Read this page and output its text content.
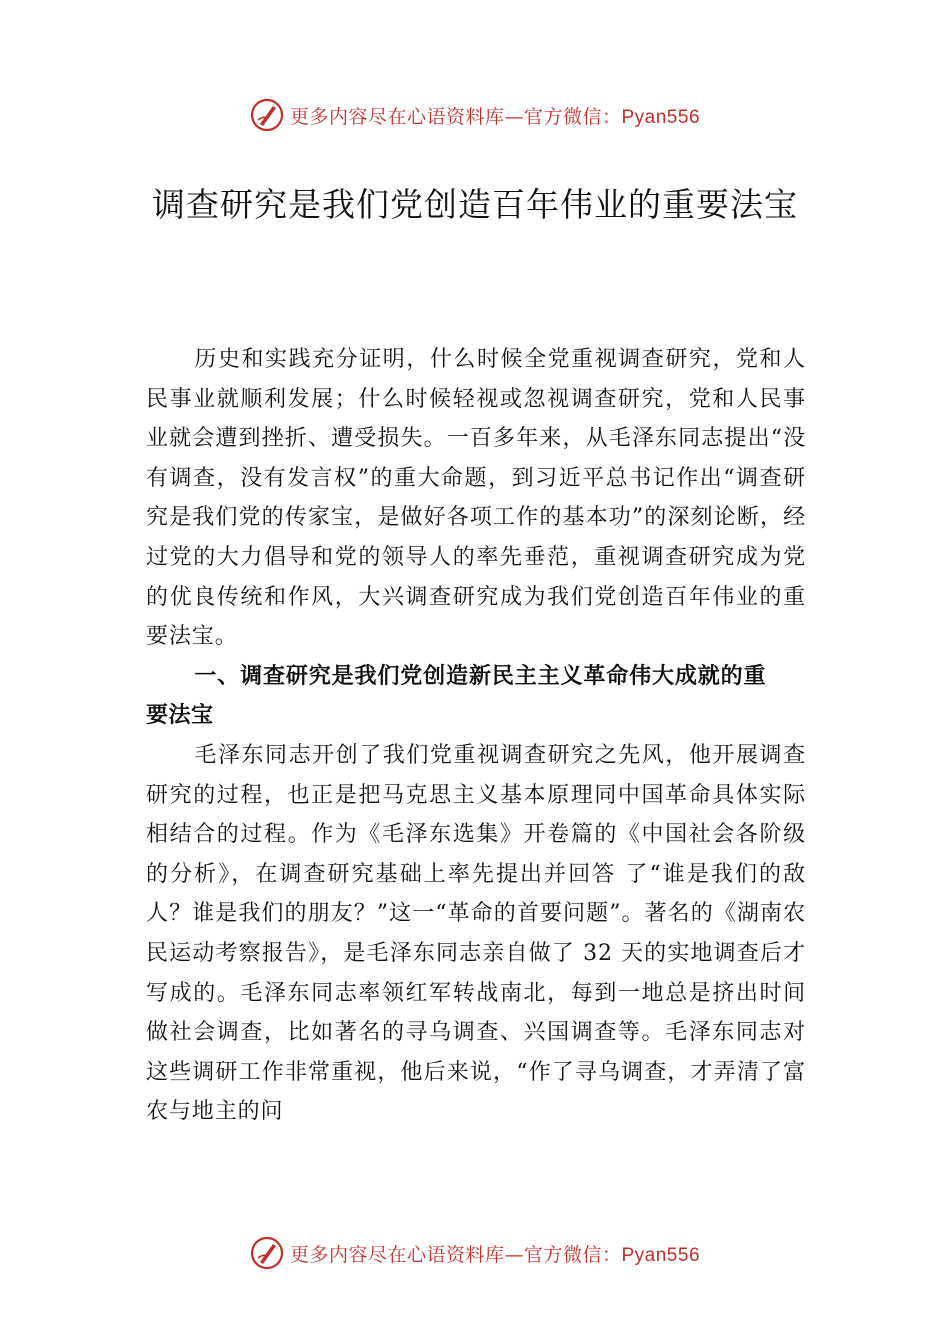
更多内容尽在心语资料库—官方微信：Pyan556
调查研究是我们党创造百年伟业的重要法宝

历史和实践充分证明，什么时候全党重视调查研究，党和人民事业就顺利发展；什么时候轻视或忽视调查研究，党和人民事业就会遭到挫折、遭受损失。一百多年来，从毛泽东同志提出“没有调查，没有发言权”的重大命题，到习近平总书记作出“调查研究是我们党的传家宝，是做好各项工作的基本功”的深刻论断，经过党的大力倡导和党的领导人的率先垂范，重视调查研究成为党的优良传统和作风，大兴调查研究成为我们党创造百年伟业的重要法宝。

一、调查研究是我们党创造新民主主义革命伟大成就的重要法宝

毛泽东同志开创了我们党重视调查研究之先风，他开展调查研究的过程，也正是把马克思主义基本原理同中国革命具体实际相结合的过程。作为《毛泽东选集》开卷篇的《中国社会各阶级的分析》，在调查研究基础上率先提出并回答 了“谁是我们的敌人？谁是我们的朋友？”这一“革命的首要问题”。著名的《湖南农民运动考察报告》，是毛泽东同志亲自做了 32 天的实地调查后才写成的。毛泽东同志率领红军转战南北，每到一地总是挤出时间做社会调查，比如著名的寻乌调查、兴国调查等。毛泽东同志对这些调研工作非常重视，他后来说，“作了寻乌调查，才弄清了富农与地主的问

更多内容尽在心语资料库—官方微信：Pyan556
